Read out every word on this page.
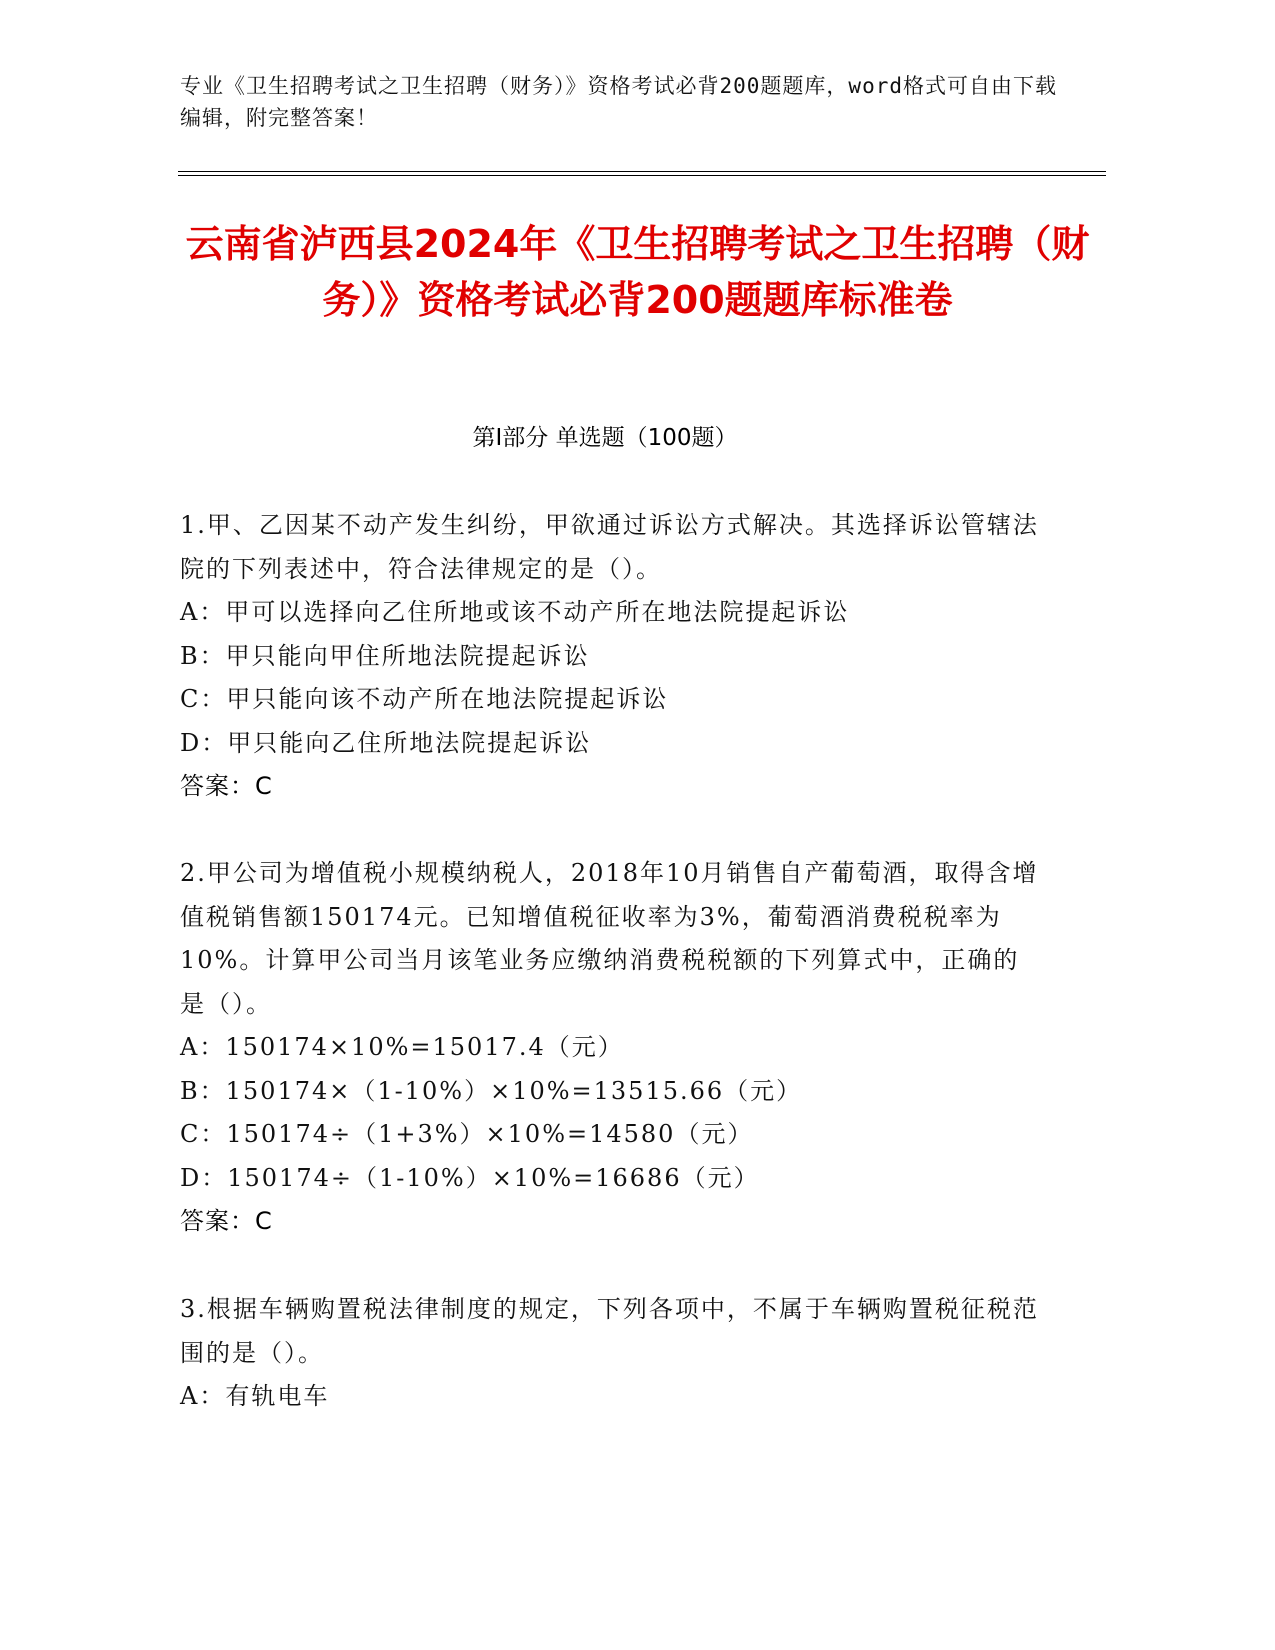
专业《卫生招聘考试之卫生招聘（财务）》资格考试必背200题题库，word格式可自由下载编辑，附完整答案！
云南省泸西县2024年《卫生招聘考试之卫生招聘（财务）》资格考试必背200题题库标准卷
第Ⅰ部分 单选题（100题）
1.甲、乙因某不动产发生纠纷，甲欲通过诉讼方式解决。其选择诉讼管辖法院的下列表述中，符合法律规定的是（）。
A：甲可以选择向乙住所地或该不动产所在地法院提起诉讼
B：甲只能向甲住所地法院提起诉讼
C：甲只能向该不动产所在地法院提起诉讼
D：甲只能向乙住所地法院提起诉讼
答案：C
2.甲公司为增值税小规模纳税人，2018年10月销售自产葡萄酒，取得含增值税销售额150174元。已知增值税征收率为3%，葡萄酒消费税税率为10%。计算甲公司当月该笔业务应缴纳消费税税额的下列算式中，正确的是（）。
A：150174×10%=15017.4（元）
B：150174×（1-10%）×10%=13515.66（元）
C：150174÷（1+3%）×10%=14580（元）
D：150174÷（1-10%）×10%=16686（元）
答案：C
3.根据车辆购置税法律制度的规定，下列各项中，不属于车辆购置税征税范围的是（）。
A：有轨电车
